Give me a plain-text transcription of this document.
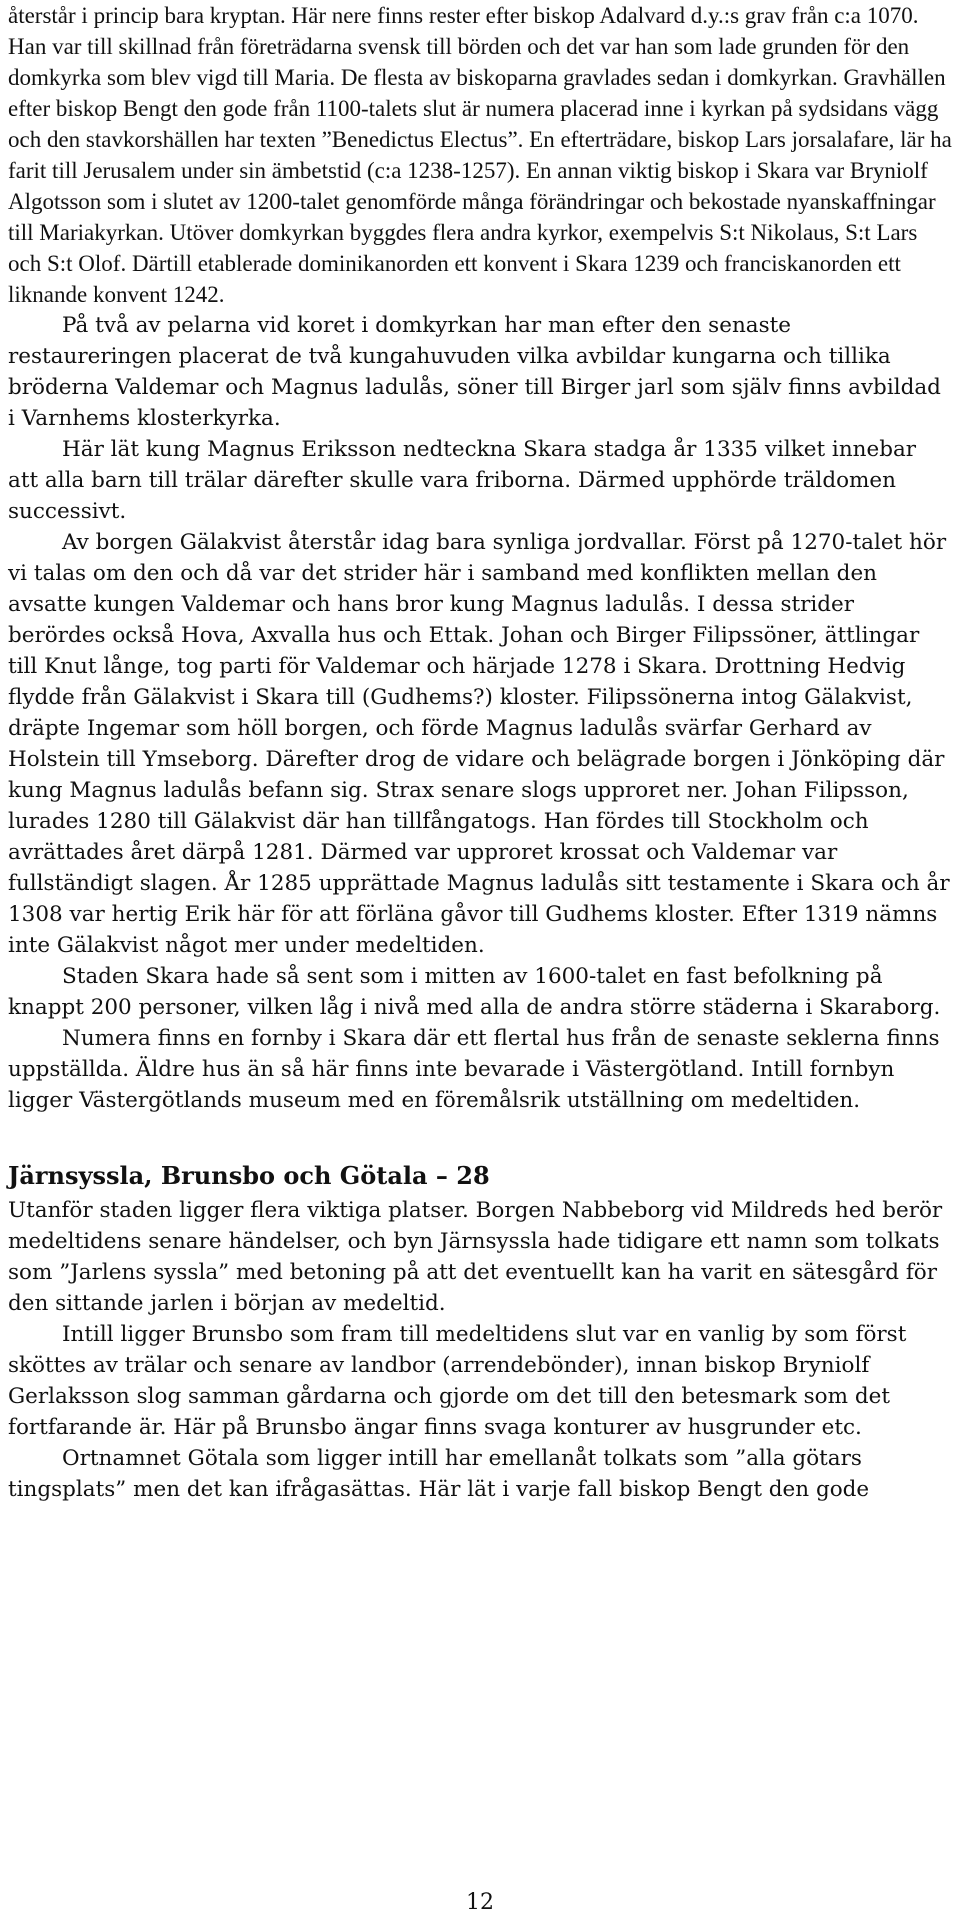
återstår i princip bara kryptan. Här nere finns rester efter biskop Adalvard d.y.:s grav från c:a 1070. Han var till skillnad från företrädarna svensk till börden och det var han som lade grunden för den domkyrka som blev vigd till Maria. De flesta av biskoparna gravlades sedan i domkyrkan. Gravhällen efter biskop Bengt den gode från 1100-talets slut är numera placerad inne i kyrkan på sydsidans vägg och den stavkorshällen har texten ”Benedictus Electus”. En efterträdare, biskop Lars jorsalafare, lär ha farit till Jerusalem under sin ämbetstid (c:a 1238-1257). En annan viktig biskop i Skara var Bryniolf Algotsson som i slutet av 1200-talet genomförde många förändringar och bekostade nyanskaffningar till Mariakyrkan. Utöver domkyrkan byggdes flera andra kyrkor, exempelvis S:t Nikolaus, S:t Lars och S:t Olof. Därtill etablerade dominikanorden ett konvent i Skara 1239 och franciskanorden ett liknande konvent 1242.

På två av pelarna vid koret i domkyrkan har man efter den senaste restaureringen placerat de två kungahuvuden vilka avbildar kungarna och tillika bröderna Valdemar och Magnus ladulås, söner till Birger jarl som själv finns avbildad i Varnhems klosterkyrka.

Här lät kung Magnus Eriksson nedteckna Skara stadga år 1335 vilket innebar att alla barn till trälar därefter skulle vara friborna. Därmed upphörde träldomen successivt.

Av borgen Gälakvist återstår idag bara synliga jordvallar. Först på 1270-talet hör vi talas om den och då var det strider här i samband med konflikten mellan den avsatte kungen Valdemar och hans bror kung Magnus ladulås. I dessa strider berördes också Hova, Axvalla hus och Ettak. Johan och Birger Filipssöner, ättlingar till Knut långe, tog parti för Valdemar och härjade 1278 i Skara. Drottning Hedvig flydde från Gälakvist i Skara till (Gudhems?) kloster. Filipssönerna intog Gälakvist, dräpte Ingemar som höll borgen, och förde Magnus ladulås svärfar Gerhard av Holstein till Ymseborg. Därefter drog de vidare och belägrade borgen i Jönköping där kung Magnus ladulås befann sig. Strax senare slogs upproret ner. Johan Filipsson, lurades 1280 till Gälakvist där han tillfångatogs. Han fördes till Stockholm och avrättades året därpå 1281. Därmed var upproret krossat och Valdemar var fullständigt slagen. År 1285 upprättade Magnus ladulås sitt testamente i Skara och år 1308 var hertig Erik här för att förläna gåvor till Gudhems kloster. Efter 1319 nämns inte Gälakvist något mer under medeltiden.

Staden Skara hade så sent som i mitten av 1600-talet en fast befolkning på knappt 200 personer, vilken låg i nivå med alla de andra större städerna i Skaraborg.

Numera finns en fornby i Skara där ett flertal hus från de senaste seklerna finns uppställda. Äldre hus än så här finns inte bevarade i Västergötland. Intill fornbyn ligger Västergötlands museum med en föremålsrik utställning om medeltiden.

Järnsyssla, Brunsbo och Götala – 28

Utanför staden ligger flera viktiga platser. Borgen Nabbeborg vid Mildreds hed berör medeltidens senare händelser, och byn Järnsyssla hade tidigare ett namn som tolkats som ”Jarlens syssla” med betoning på att det eventuellt kan ha varit en sätesgård för den sittande jarlen i början av medeltid.

Intill ligger Brunsbo som fram till medeltidens slut var en vanlig by som först sköttes av trälar och senare av landbor (arrendebönder), innan biskop Bryniolf Gerlaksson slog samman gårdarna och gjorde om det till den betesmark som det fortfarande är. Här på Brunsbo ängar finns svaga konturer av husgrunder etc.

Ortnamnet Götala som ligger intill har emellanåt tolkats som ”alla götars tingsplats” men det kan ifrågasättas. Här lät i varje fall biskop Bengt den gode

12
